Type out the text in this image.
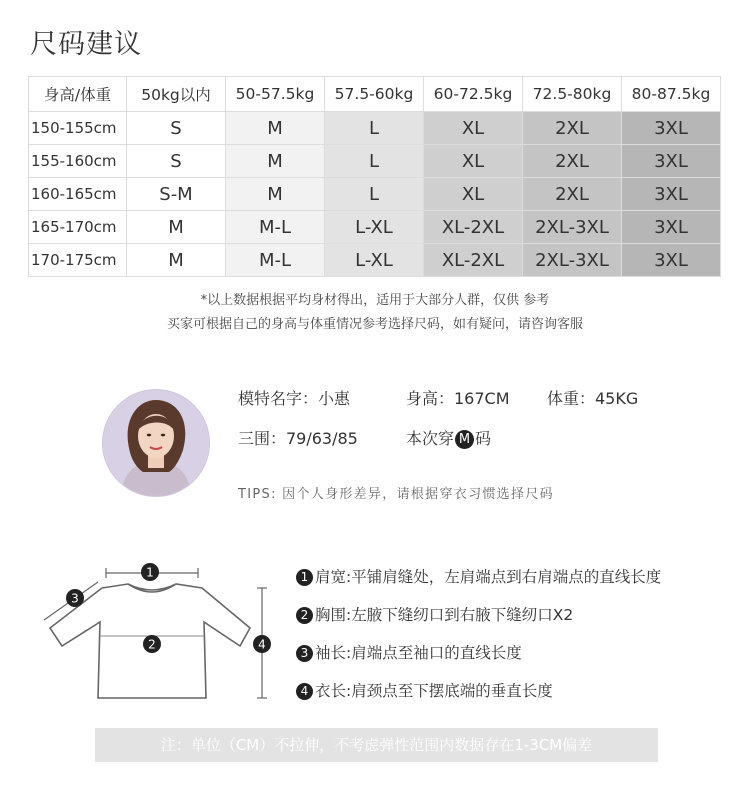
尺码建议
身高/体重	50kg以内	50-57.5kg	57.5-60kg	60-72.5kg	72.5-80kg	80-87.5kg
150-155cm	S	M	L	XL	2XL	3XL
155-160cm	S	M	L	XL	2XL	3XL
160-165cm	S-M	M	L	XL	2XL	3XL
165-170cm	M	M-L	L-XL	XL-2XL	2XL-3XL	3XL
170-175cm	M	M-L	L-XL	XL-2XL	2XL-3XL	3XL
*以上数据根据平均身材得出，适用于大部分人群，仅供 参考
买家可根据自己的身高与体重情况参考选择尺码，如有疑问，请咨询客服
模特名字：小惠	身高：167CM 体重：45KG
三围：79/63/85	本次穿 M 码
TIPS: 因个人身形差异，请根据穿衣习惯选择尺码
1
2
3
4
1 肩宽:平铺肩缝处，左肩端点到右肩端点的直线长度
2 胸围:左腋下缝纫口到右腋下缝纫口X2
3 袖长:肩端点至袖口的直线长度
4 衣长:肩颈点至下摆底端的垂直长度
注：单位（CM）不拉伸，不考虑弹性范围内数据存在1-3CM偏差
